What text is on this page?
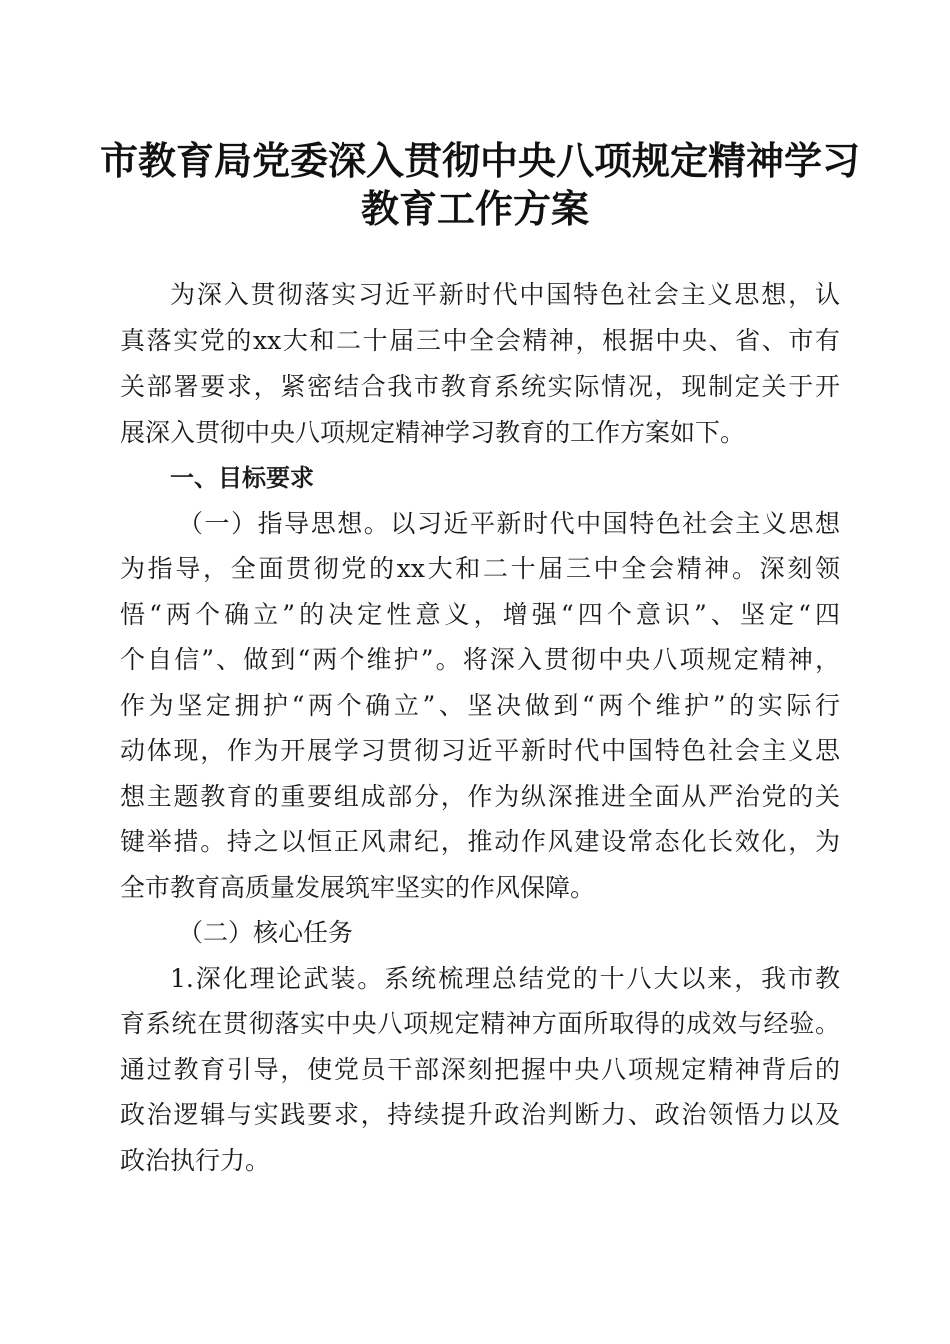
市教育局党委深入贯彻中央八项规定精神学习
教育工作方案

为深入贯彻落实习近平新时代中国特色社会主义思想，认

真落实党的xx大和二十届三中全会精神，根据中央、省、市有

关部署要求，紧密结合我市教育系统实际情况，现制定关于开

展深入贯彻中央八项规定精神学习教育的工作方案如下。

一、目标要求

（一）指导思想。以习近平新时代中国特色社会主义思想

为指导，全面贯彻党的xx大和二十届三中全会精神。深刻领

悟“两个确立”的决定性意义，增强“四个意识”、坚定“四

个自信”、做到“两个维护”。将深入贯彻中央八项规定精神，

作为坚定拥护“两个确立”、坚决做到“两个维护”的实际行

动体现，作为开展学习贯彻习近平新时代中国特色社会主义思

想主题教育的重要组成部分，作为纵深推进全面从严治党的关

键举措。持之以恒正风肃纪，推动作风建设常态化长效化，为

全市教育高质量发展筑牢坚实的作风保障。

（二）核心任务

1.深化理论武装。系统梳理总结党的十八大以来，我市教

育系统在贯彻落实中央八项规定精神方面所取得的成效与经验。

通过教育引导，使党员干部深刻把握中央八项规定精神背后的

政治逻辑与实践要求，持续提升政治判断力、政治领悟力以及

政治执行力。
